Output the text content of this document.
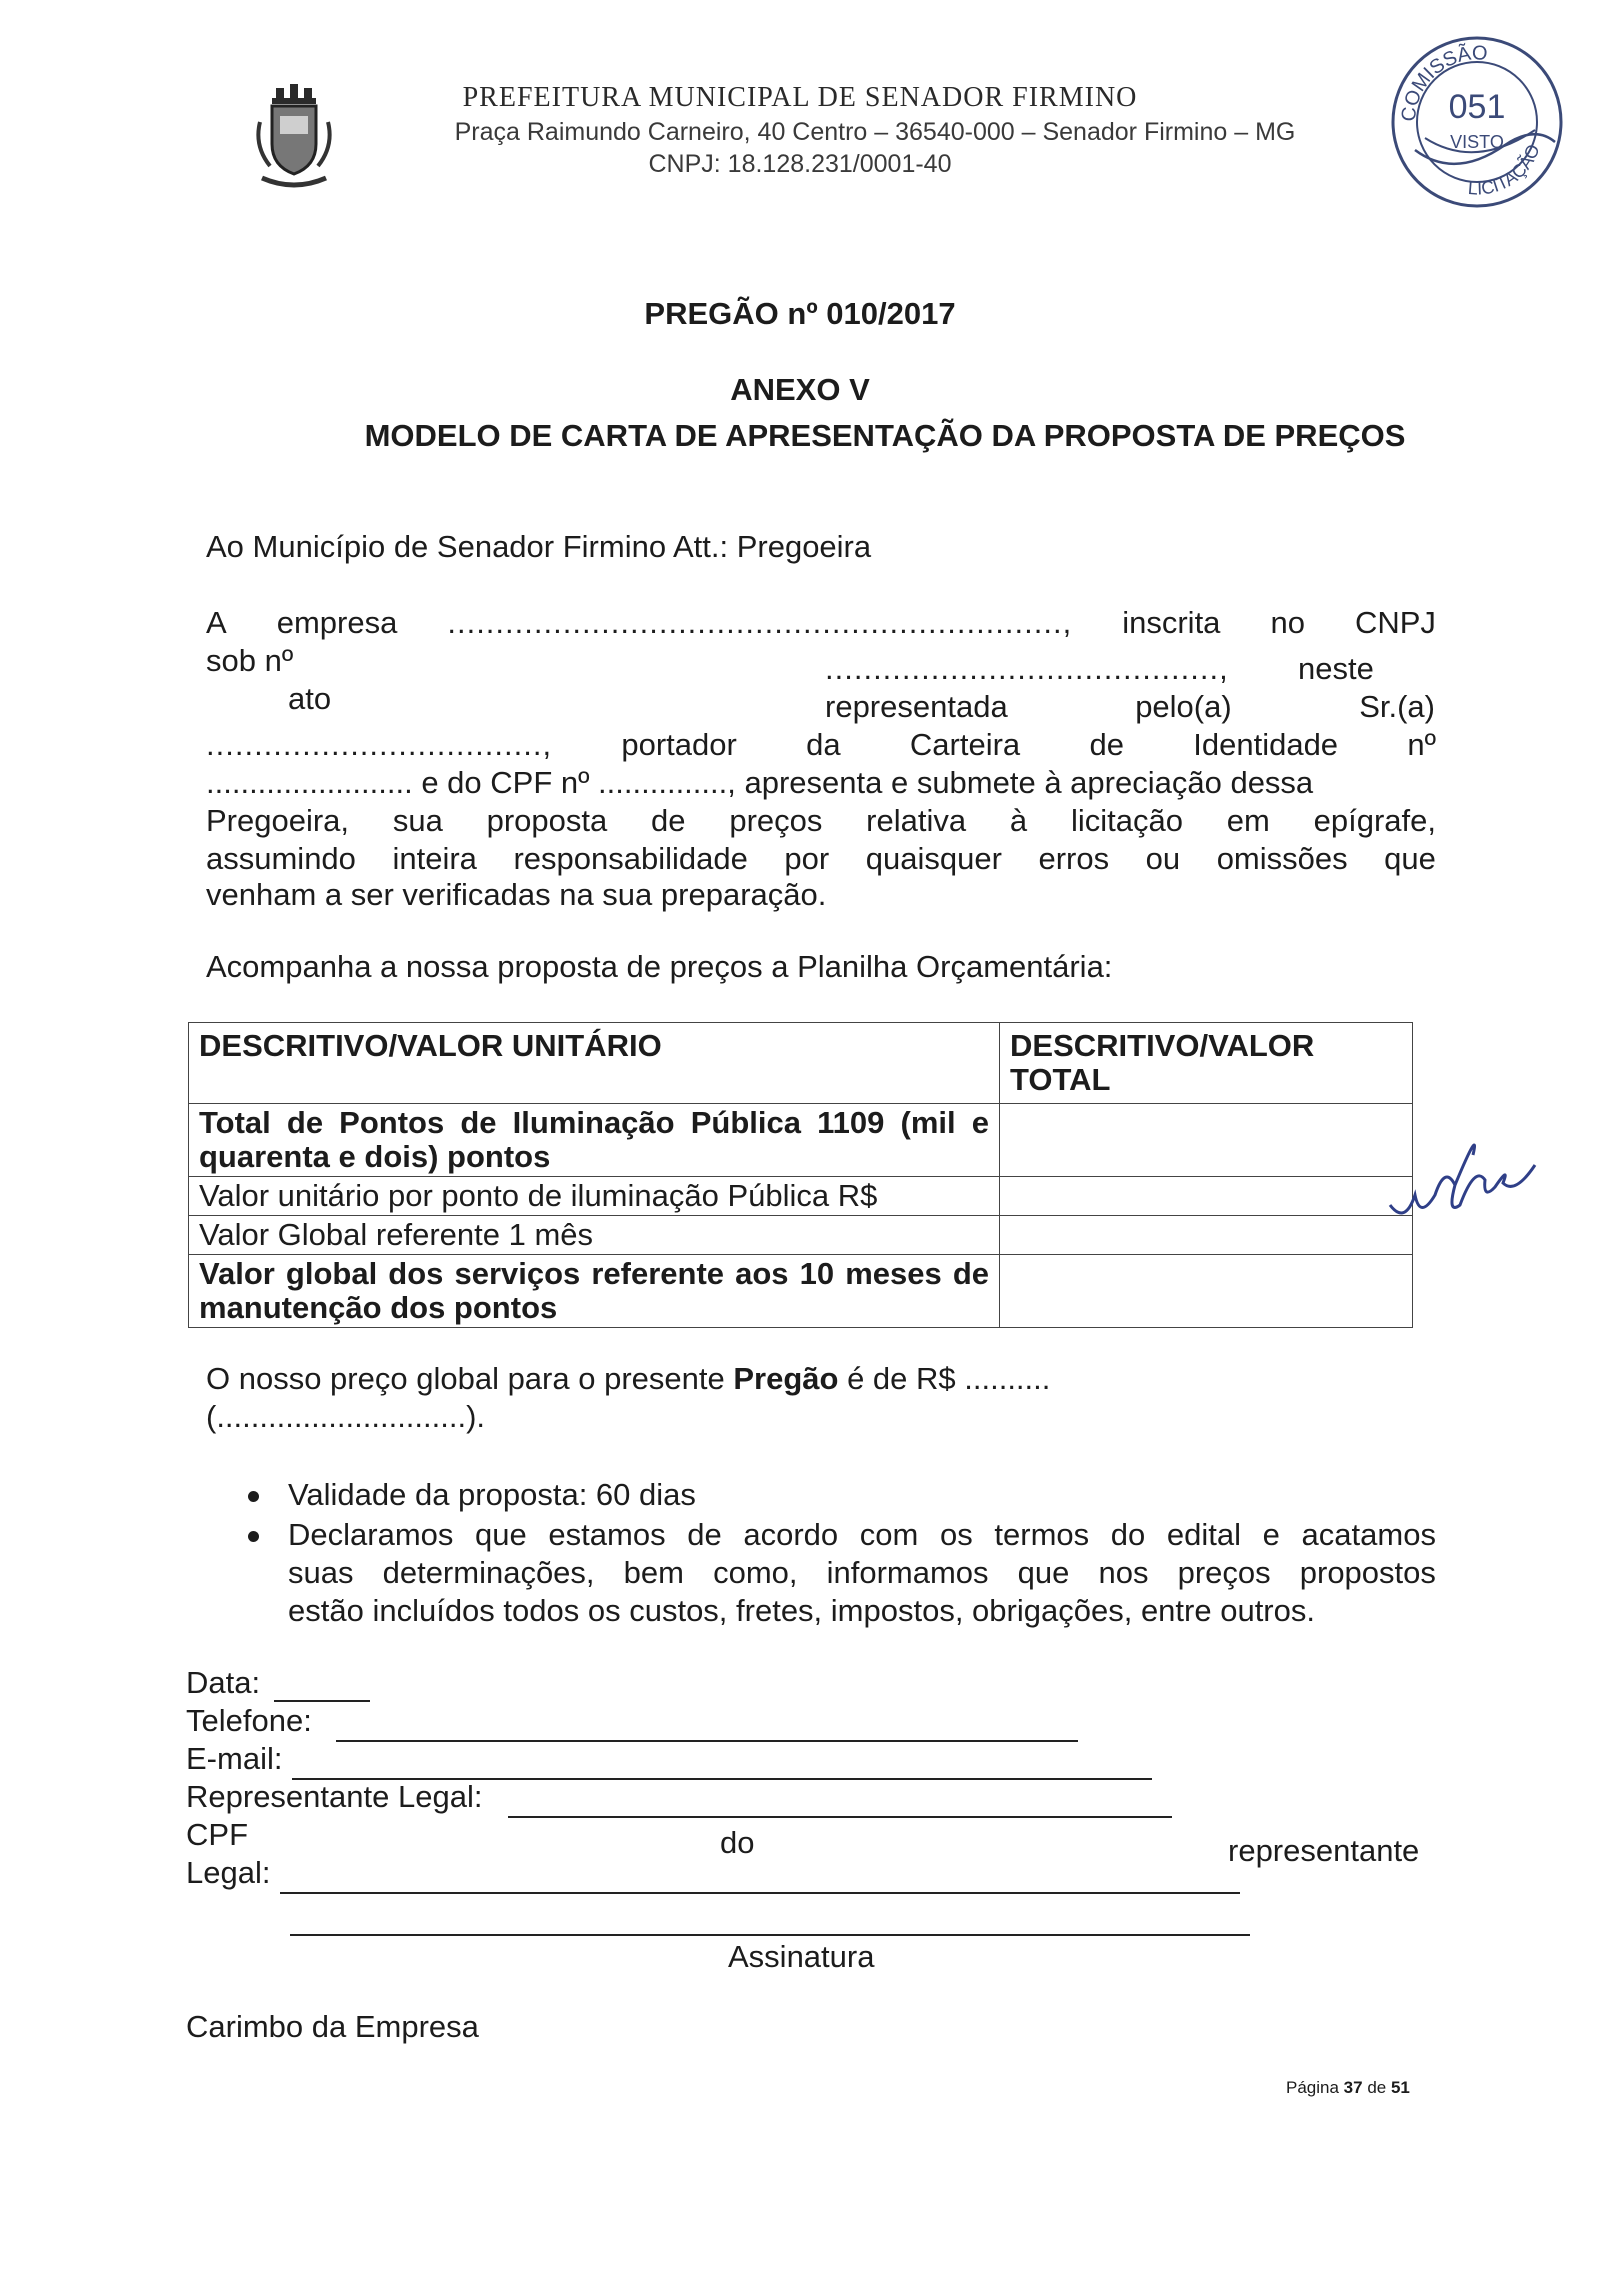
PREFEITURA MUNICIPAL DE SENADOR FIRMINO
Praça Raimundo Carneiro, 40 Centro – 36540-000 – Senador Firmino – MG
CNPJ: 18.128.231/0001-40
COMISSÃO
LICITAÇÃO
051
VISTO
PREGÃO nº 010/2017
ANEXO V
MODELO DE CARTA DE APRESENTAÇÃO DA PROPOSTA DE PREÇOS
Ao Município de Senador Firmino Att.: Pregoeira
A empresa ................................................................, inscrita no CNPJ
sob nº	........................................., neste
ato	representada	pelo(a)	Sr.(a)
..................................., portador da Carteira de Identidade nº
........................ e do CPF nº ..............., apresenta e submete à apreciação dessa
Pregoeira, sua proposta de preços relativa à licitação em epígrafe,
assumindo inteira responsabilidade por quaisquer erros ou omissões que
venham a ser verificadas na sua preparação.
Acompanha a nossa proposta de preços a Planilha Orçamentária:
DESCRITIVO/VALOR UNITÁRIO	DESCRITIVO/VALOR TOTAL
Total de Pontos de Iluminação Pública 1109 (mil e quarenta e dois) pontos	
Valor unitário por ponto de iluminação Pública R$	
Valor Global referente 1 mês	
Valor global dos serviços referente aos 10 meses de manutenção dos pontos	
O nosso preço global para o presente Pregão é de R$ ..........
(.............................).
Validade da proposta: 60 dias
Declaramos que estamos de acordo com os termos do edital e acatamos
suas determinações, bem como, informamos que nos preços propostos
estão incluídos todos os custos, fretes, impostos, obrigações, entre outros.
Data:
Telefone:
E-mail:
Representante Legal:
CPF	do	representante
Legal:
Assinatura
Carimbo da Empresa
Página 37 de 51
